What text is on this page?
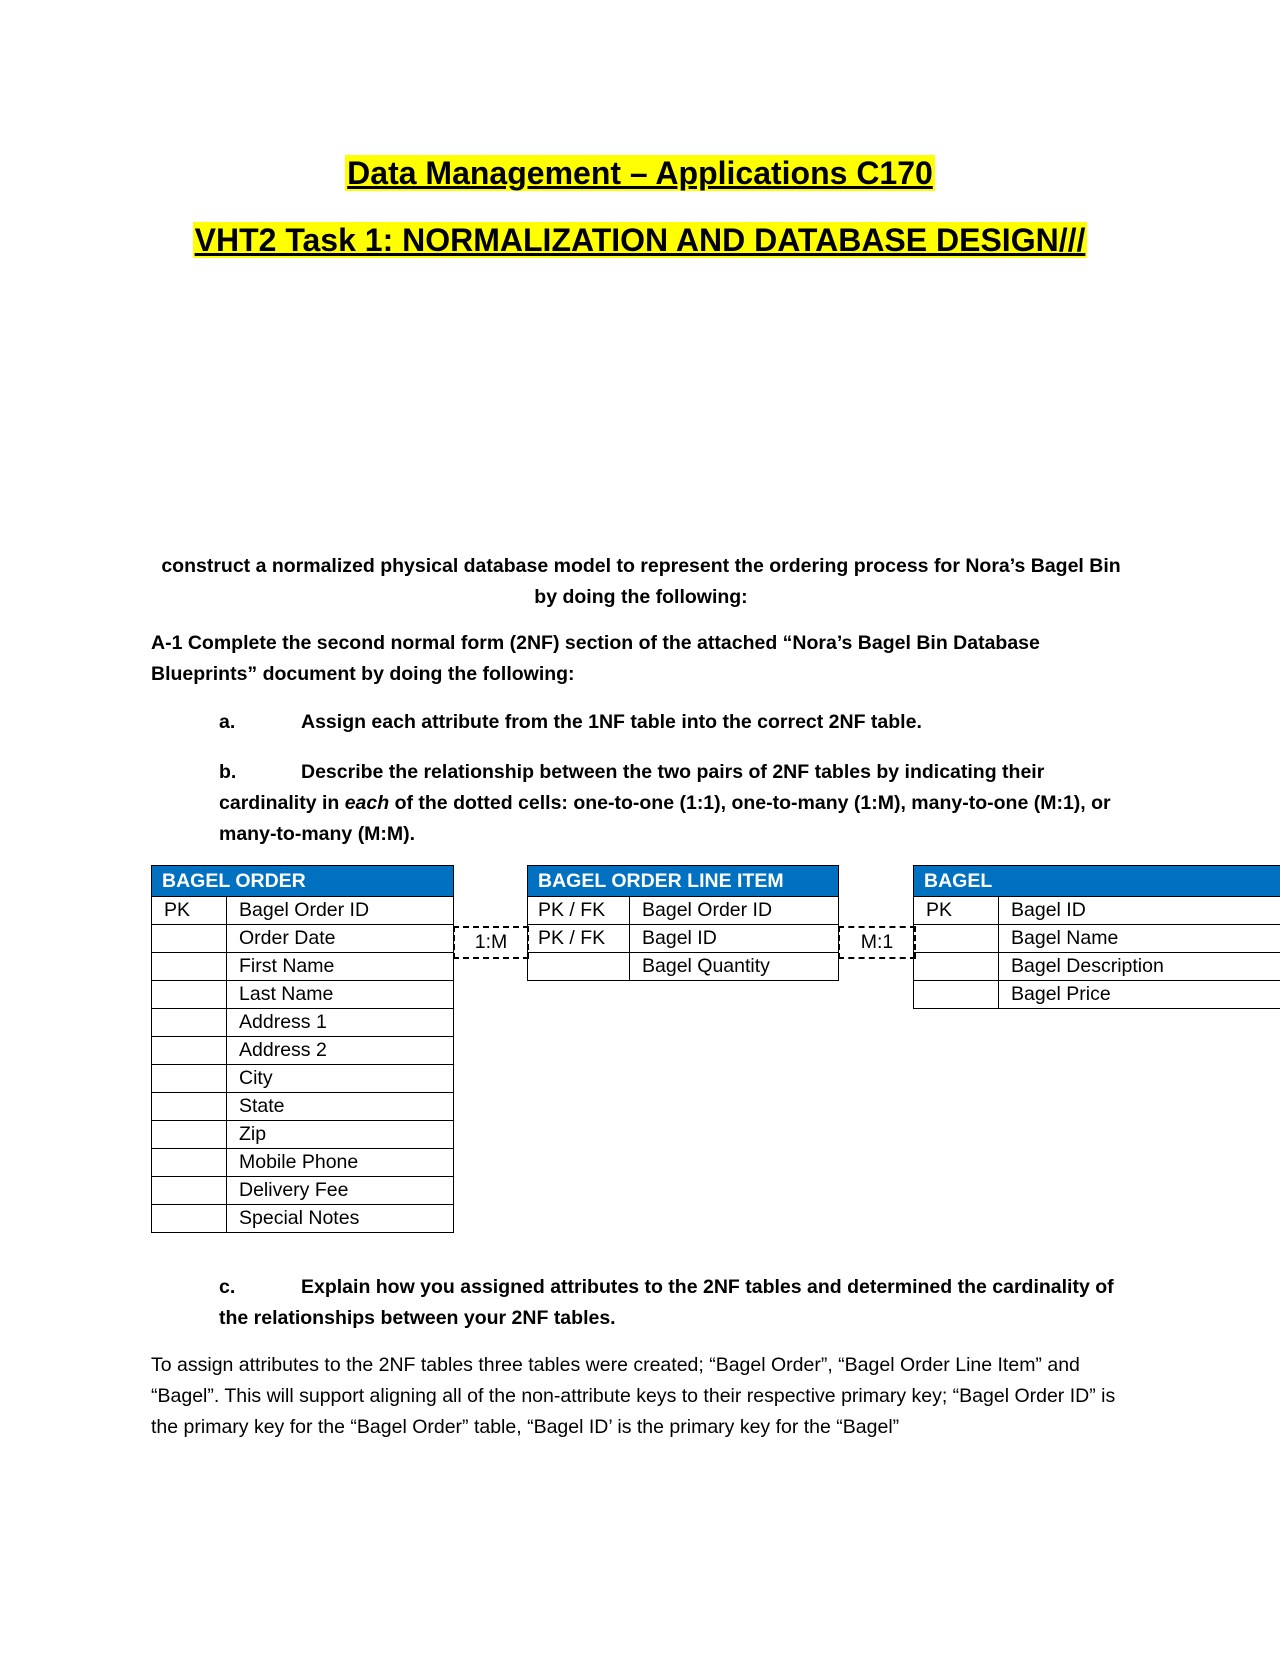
Data Management – Applications C170
VHT2 Task 1: NORMALIZATION AND DATABASE DESIGN///
construct a normalized physical database model to represent the ordering process for Nora’s Bagel Bin by doing the following:
A-1 Complete the second normal form (2NF) section of the attached “Nora’s Bagel Bin Database Blueprints” document by doing the following:
a.	Assign each attribute from the 1NF table into the correct 2NF table.
b.	Describe the relationship between the two pairs of 2NF tables by indicating their cardinality in each of the dotted cells: one-to-one (1:1), one-to-many (1:M), many-to-one (M:1), or many-to-many (M:M).
BAGEL ORDER	
PK	Bagel Order ID
	Order Date
	First Name
	Last Name
	Address 1
	Address 2
	City
	State
	Zip
	Mobile Phone
	Delivery Fee
	Special Notes
1:M
BAGEL ORDER LINE ITEM	
PK / FK	Bagel Order ID
PK / FK	Bagel ID
	Bagel Quantity
M:1
BAGEL	
PK	Bagel ID
	Bagel Name
	Bagel Description
	Bagel Price
c.	Explain how you assigned attributes to the 2NF tables and determined the cardinality of the relationships between your 2NF tables.
To assign attributes to the 2NF tables three tables were created; “Bagel Order”, “Bagel Order Line Item” and “Bagel”. This will support aligning all of the non-attribute keys to their respective primary key; “Bagel Order ID” is the primary key for the “Bagel Order” table, “Bagel ID’ is the primary key for the “Bagel”
